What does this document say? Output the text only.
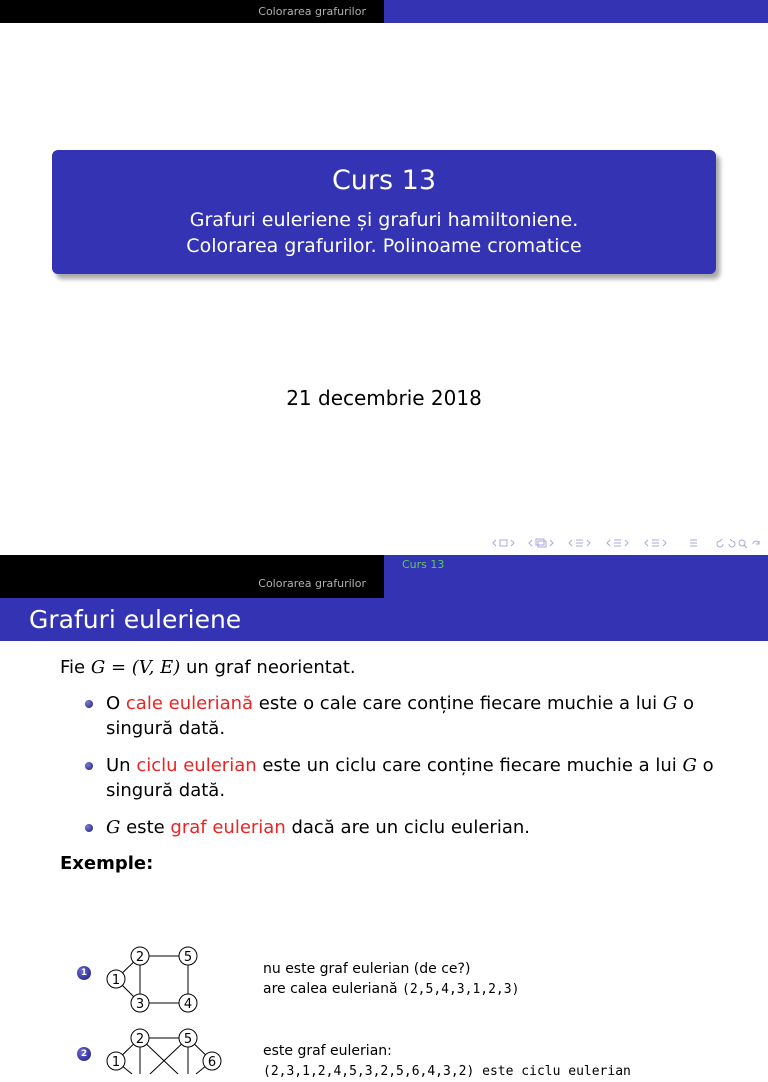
Colorarea grafurilor
Curs 13
Grafuri euleriene și grafuri hamiltoniene.
Colorarea grafurilor. Polinoame cromatice
21 decembrie 2018
Colorarea grafurilor
Curs 13
Grafuri euleriene
Fie G = (V, E) un graf neorientat.
O cale euleriană este o cale care conține fiecare muchie a lui G o
singură dată.
Un ciclu eulerian este un ciclu care conține fiecare muchie a lui G o
singură dată.
G este graf eulerian dacă are un ciclu eulerian.
Exemple:
1 1
2
3	4
5
nu este graf eulerian (de ce?)
are calea euleriană (2,5,4,3,1,2,3)
2
1
2	5
6
este graf eulerian:
(2,3,1,2,4,5,3,2,5,6,4,3,2) este ciclu eulerian
